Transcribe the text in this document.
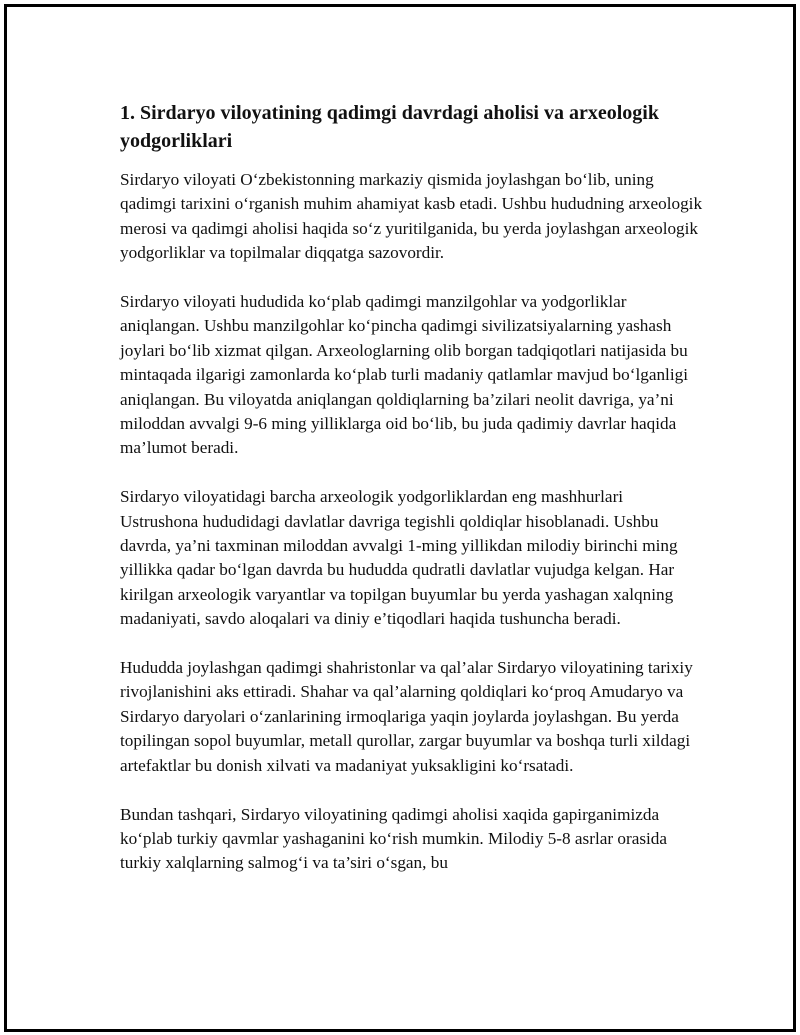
1. Sirdaryo viloyatining qadimgi davrdagi aholisi va arxeologik yodgorliklari

Sirdaryo viloyati O‘zbekistonning markaziy qismida joylashgan bo‘lib, uning qadimgi tarixini o‘rganish muhim ahamiyat kasb etadi. Ushbu hududning arxeologik merosi va qadimgi aholisi haqida so‘z yuritilganida, bu yerda joylashgan arxeologik yodgorliklar va topilmalar diqqatga sazovordir.

Sirdaryo viloyati hududida ko‘plab qadimgi manzilgohlar va yodgorliklar aniqlangan. Ushbu manzilgohlar ko‘pincha qadimgi sivilizatsiyalarning yashash joylari bo‘lib xizmat qilgan. Arxeologlarning olib borgan tadqiqotlari natijasida bu mintaqada ilgarigi zamonlarda ko‘plab turli madaniy qatlamlar mavjud bo‘lganligi aniqlangan. Bu viloyatda aniqlangan qoldiqlarning ba’zilari neolit davriga, ya’ni miloddan avvalgi 9-6 ming yilliklarga oid bo‘lib, bu juda qadimiy davrlar haqida ma’lumot beradi.

Sirdaryo viloyatidagi barcha arxeologik yodgorliklardan eng mashhurlari Ustrushona hududidagi davlatlar davriga tegishli qoldiqlar hisoblanadi. Ushbu davrda, ya’ni taxminan miloddan avvalgi 1-ming yillikdan milodiy birinchi ming yillikka qadar bo‘lgan davrda bu hududda qudratli davlatlar vujudga kelgan. Har kirilgan arxeologik varyantlar va topilgan buyumlar bu yerda yashagan xalqning madaniyati, savdo aloqalari va diniy e’tiqodlari haqida tushuncha beradi.

Hududda joylashgan qadimgi shahristonlar va qal’alar Sirdaryo viloyatining tarixiy rivojlanishini aks ettiradi. Shahar va qal’alarning qoldiqlari ko‘proq Amudaryo va Sirdaryo daryolari o‘zanlarining irmoqlariga yaqin joylarda joylashgan. Bu yerda topilingan sopol buyumlar, metall qurollar, zargar buyumlar va boshqa turli xildagi artefaktlar bu donish xilvati va madaniyat yuksakligini ko‘rsatadi.

Bundan tashqari, Sirdaryo viloyatining qadimgi aholisi xaqida gapirganimizda ko‘plab turkiy qavmlar yashaganini ko‘rish mumkin. Milodiy 5-8 asrlar orasida turkiy xalqlarning salmog‘i va ta’siri o‘sgan, bu
